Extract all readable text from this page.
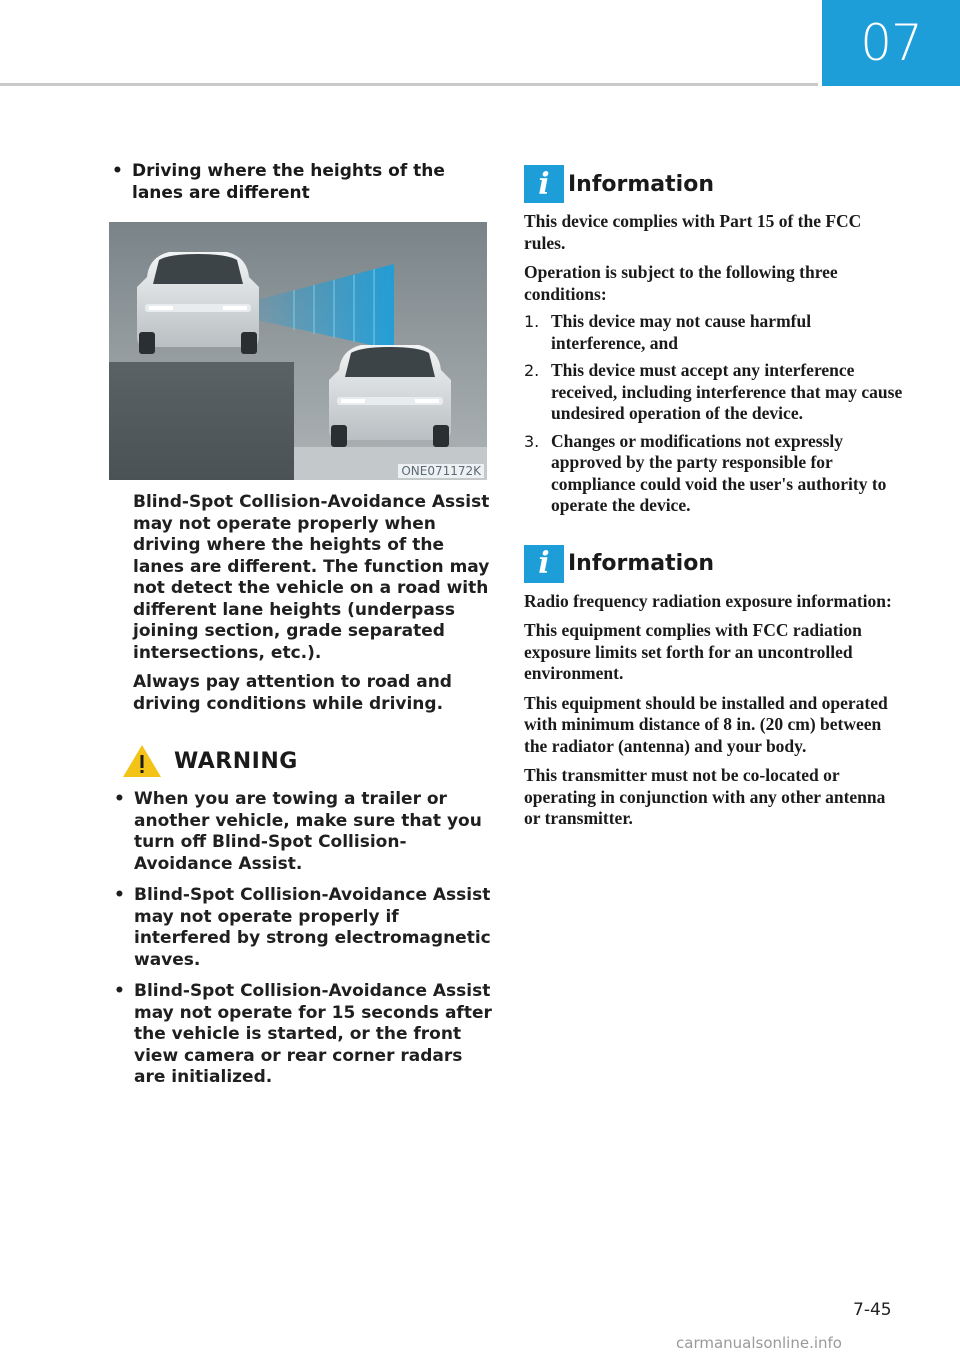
07
• Driving where the heights of the lanes are different
ONE071172K
Blind-Spot Collision-Avoidance Assist may not operate properly when driving where the heights of the lanes are different. The function may not detect the vehicle on a road with different lane heights (underpass joining section, grade separated intersections, etc.).
Always pay attention to road and driving conditions while driving.
WARNING
• When you are towing a trailer or another vehicle, make sure that you turn off Blind-Spot Collision-Avoidance Assist.
• Blind-Spot Collision-Avoidance Assist may not operate properly if interfered by strong electromagnetic waves.
• Blind-Spot Collision-Avoidance Assist may not operate for 15 seconds after the vehicle is started, or the front view camera or rear corner radars are initialized.
i Information

This device complies with Part 15 of the FCC rules.

Operation is subject to the following three conditions:

1. This device may not cause harmful interference, and
2. This device must accept any interference received, including interference that may cause undesired operation of the device.
3. Changes or modifications not expressly approved by the party responsible for compliance could void the user's authority to operate the device.
i Information

Radio frequency radiation exposure information:

This equipment complies with FCC radiation exposure limits set forth for an uncontrolled environment.

This equipment should be installed and operated with minimum distance of 8 in. (20 cm) between the radiator (antenna) and your body.

This transmitter must not be co-located or operating in conjunction with any other antenna or transmitter.

7-45
carmanualsonline.info
